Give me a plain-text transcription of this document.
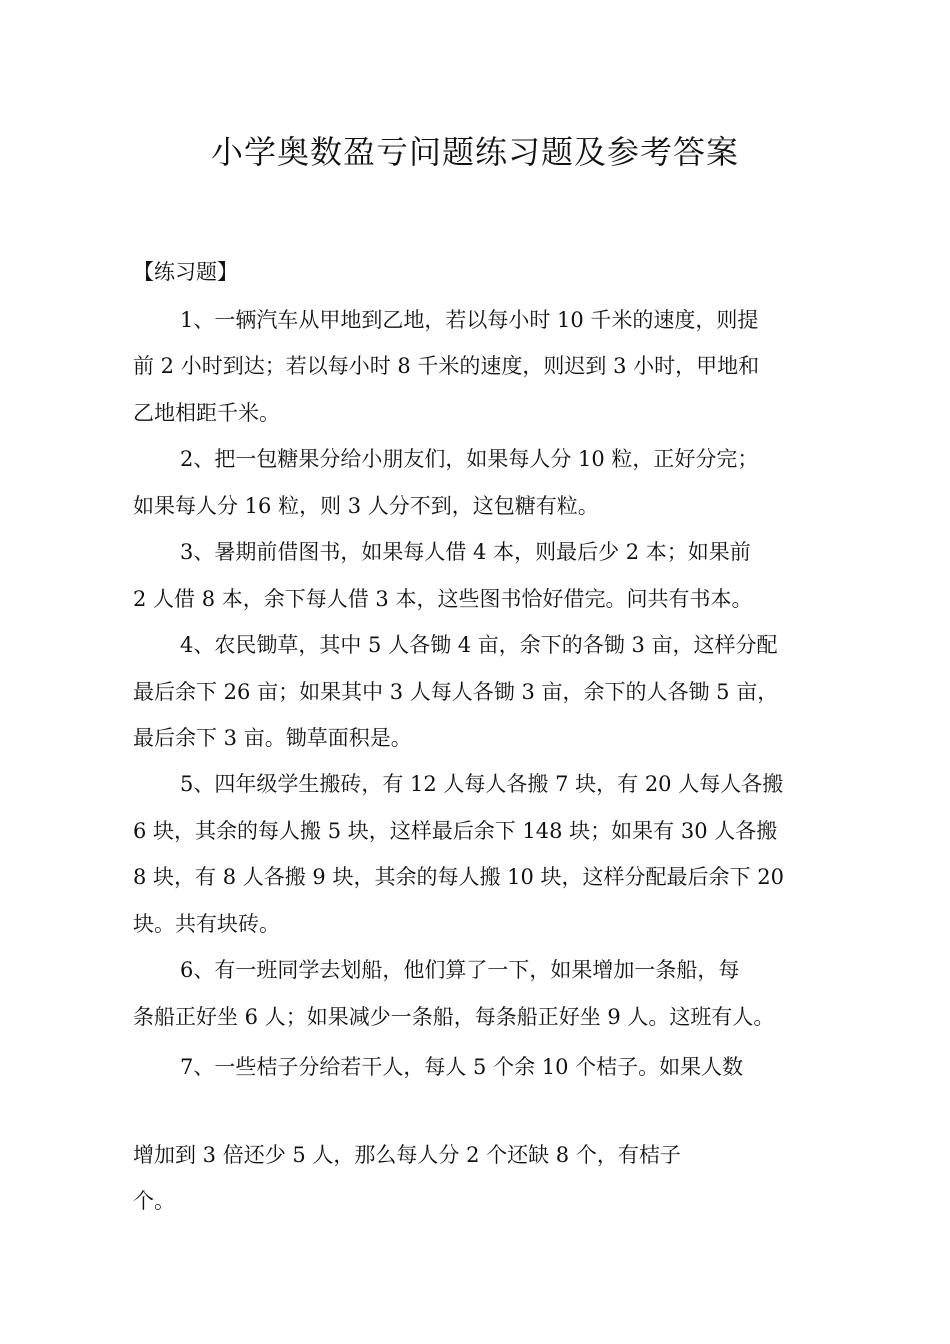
小学奥数盈亏问题练习题及参考答案

【练习题】

1、一辆汽车从甲地到乙地，若以每小时 10 千米的速度，则提

前 2 小时到达；若以每小时 8 千米的速度，则迟到 3 小时，甲地和

乙地相距千米。

2、把一包糖果分给小朋友们，如果每人分 10 粒，正好分完；

如果每人分 16 粒，则 3 人分不到，这包糖有粒。

3、暑期前借图书，如果每人借 4 本，则最后少 2 本；如果前

2 人借 8 本，余下每人借 3 本，这些图书恰好借完。问共有书本。

4、农民锄草，其中 5 人各锄 4 亩，余下的各锄 3 亩，这样分配

最后余下 26 亩；如果其中 3 人每人各锄 3 亩，余下的人各锄 5 亩，

最后余下 3 亩。锄草面积是。

5、四年级学生搬砖，有 12 人每人各搬 7 块，有 20 人每人各搬

6 块，其余的每人搬 5 块，这样最后余下 148 块；如果有 30 人各搬

8 块，有 8 人各搬 9 块，其余的每人搬 10 块，这样分配最后余下 20

块。共有块砖。

6、有一班同学去划船，他们算了一下，如果增加一条船，每

条船正好坐 6 人；如果减少一条船，每条船正好坐 9 人。这班有人。

7、一些桔子分给若干人，每人 5 个余 10 个桔子。如果人数

增加到 3 倍还少 5 人，那么每人分 2 个还缺 8 个，有桔子

个。
